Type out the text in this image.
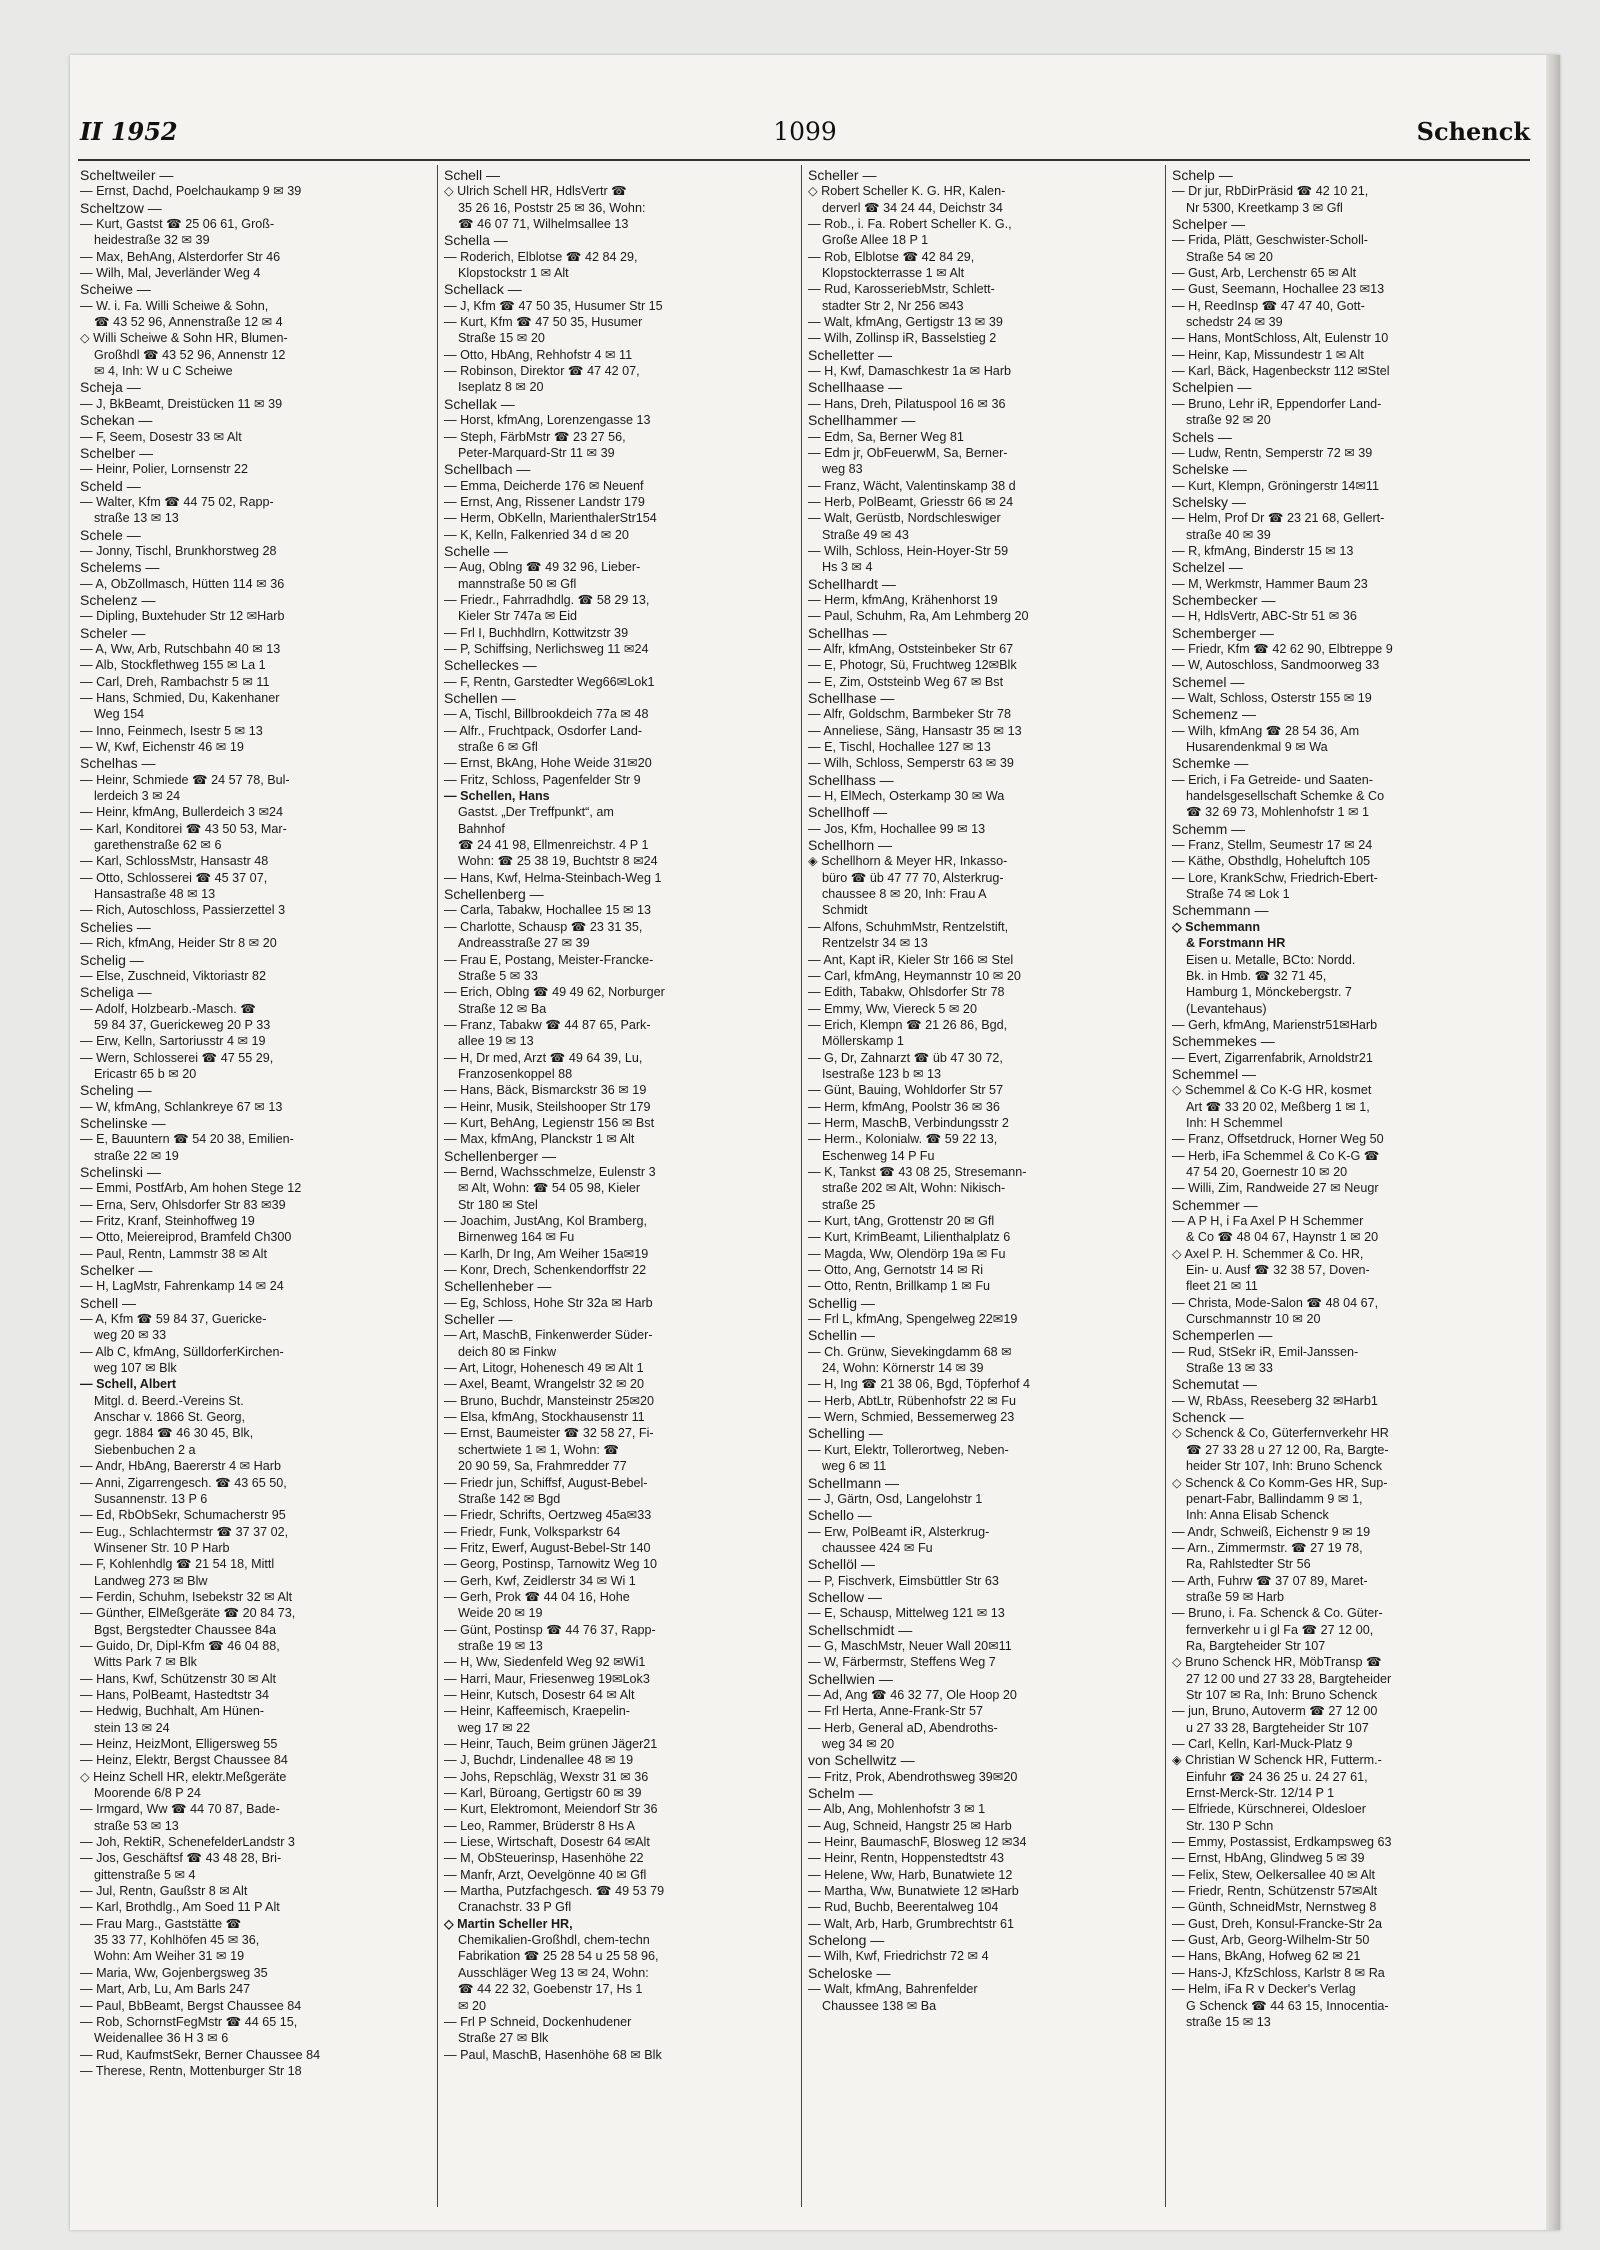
II 1952	1099	Schenck
Scheltweiler —
— Ernst, Dachd, Poelchaukamp 9 ✉ 39
Scheltzow —
— Kurt, Gastst ☎ 25 06 61, Groß-
heidestraße 32 ✉ 39
— Max, BehAng, Alsterdorfer Str 46
— Wilh, Mal, Jeverländer Weg 4
Scheiwe —
— W. i. Fa. Willi Scheiwe & Sohn,
☎ 43 52 96, Annenstraße 12 ✉ 4
◇ Willi Scheiwe & Sohn HR, Blumen-
Großhdl ☎ 43 52 96, Annenstr 12
✉ 4, Inh: W u C Scheiwe
Scheja —
— J, BkBeamt, Dreistücken 11 ✉ 39
Schekan —
— F, Seem, Dosestr 33 ✉ Alt
Schelber —
— Heinr, Polier, Lornsenstr 22
Scheld —
— Walter, Kfm ☎ 44 75 02, Rapp-
straße 13 ✉ 13
Schele —
— Jonny, Tischl, Brunkhorstweg 28
Schelems —
— A, ObZollmasch, Hütten 114 ✉ 36
Schelenz —
— Dipling, Buxtehuder Str 12 ✉Harb
Scheler —
— A, Ww, Arb, Rutschbahn 40 ✉ 13
— Alb, Stockflethweg 155 ✉ La 1
— Carl, Dreh, Rambachstr 5 ✉ 11
— Hans, Schmied, Du, Kakenhaner
Weg 154
— Inno, Feinmech, Isestr 5 ✉ 13
— W, Kwf, Eichenstr 46 ✉ 19
Schelhas —
— Heinr, Schmiede ☎ 24 57 78, Bul-
lerdeich 3 ✉ 24
— Heinr, kfmAng, Bullerdeich 3 ✉24
— Karl, Konditorei ☎ 43 50 53, Mar-
garethenstraße 62 ✉ 6
— Karl, SchlossMstr, Hansastr 48
— Otto, Schlosserei ☎ 45 37 07,
Hansastraße 48 ✉ 13
— Rich, Autoschloss, Passierzettel 3
Schelies —
— Rich, kfmAng, Heider Str 8 ✉ 20
Schelig —
— Else, Zuschneid, Viktoriastr 82
Scheliga —
— Adolf, Holzbearb.-Masch. ☎
59 84 37, Guerickeweg 20 P 33
— Erw, Kelln, Sartoriusstr 4 ✉ 19
— Wern, Schlosserei ☎ 47 55 29,
Ericastr 65 b ✉ 20
Scheling —
— W, kfmAng, Schlankreye 67 ✉ 13
Schelinske —
— E, Bauuntern ☎ 54 20 38, Emilien-
straße 22 ✉ 19
Schelinski —
— Emmi, PostfArb, Am hohen Stege 12
— Erna, Serv, Ohlsdorfer Str 83 ✉39
— Fritz, Kranf, Steinhoffweg 19
— Otto, Meiereiprod, Bramfeld Ch300
— Paul, Rentn, Lammstr 38 ✉ Alt
Schelker —
— H, LagMstr, Fahrenkamp 14 ✉ 24
Schell —
— A, Kfm ☎ 59 84 37, Guericke-
weg 20 ✉ 33
— Alb C, kfmAng, SülldorferKirchen-
weg 107 ✉ Blk
— Schell, Albert
Mitgl. d. Beerd.-Vereins St.
Anschar v. 1866 St. Georg,
gegr. 1884 ☎ 46 30 45, Blk,
Siebenbuchen 2 a
— Andr, HbAng, Baererstr 4 ✉ Harb
— Anni, Zigarrengesch. ☎ 43 65 50,
Susannenstr. 13 P 6
— Ed, RbObSekr, Schumacherstr 95
— Eug., Schlachtermstr ☎ 37 37 02,
Winsener Str. 10 P Harb
— F, Kohlenhdlg ☎ 21 54 18, Mittl
Landweg 273 ✉ Blw
— Ferdin, Schuhm, Isebekstr 32 ✉ Alt
— Günther, ElMeßgeräte ☎ 20 84 73,
Bgst, Bergstedter Chaussee 84a
— Guido, Dr, Dipl-Kfm ☎ 46 04 88,
Witts Park 7 ✉ Blk
— Hans, Kwf, Schützenstr 30 ✉ Alt
— Hans, PolBeamt, Hastedtstr 34
— Hedwig, Buchhalt, Am Hünen-
stein 13 ✉ 24
— Heinz, HeizMont, Elligersweg 55
— Heinz, Elektr, Bergst Chaussee 84
◇ Heinz Schell HR, elektr.Meßgeräte
Moorende 6/8 P 24
— Irmgard, Ww ☎ 44 70 87, Bade-
straße 53 ✉ 13
— Joh, RektiR, SchenefelderLandstr 3
— Jos, Geschäftsf ☎ 43 48 28, Bri-
gittenstraße 5 ✉ 4
— Jul, Rentn, Gaußstr 8 ✉ Alt
— Karl, Brothdlg., Am Soed 11 P Alt
— Frau Marg., Gaststätte ☎
35 33 77, Kohlhöfen 45 ✉ 36,
Wohn: Am Weiher 31 ✉ 19
— Maria, Ww, Gojenbergsweg 35
— Mart, Arb, Lu, Am Barls 247
— Paul, BbBeamt, Bergst Chaussee 84
— Rob, SchornstFegMstr ☎ 44 65 15,
Weidenallee 36 H 3 ✉ 6
— Rud, KaufmstSekr, Berner Chaussee 84
— Therese, Rentn, Mottenburger Str 18
Schell —
◇ Ulrich Schell HR, HdlsVertr ☎
35 26 16, Poststr 25 ✉ 36, Wohn:
☎ 46 07 71, Wilhelmsallee 13
Schella —
— Roderich, Elblotse ☎ 42 84 29,
Klopstockstr 1 ✉ Alt
Schellack —
— J, Kfm ☎ 47 50 35, Husumer Str 15
— Kurt, Kfm ☎ 47 50 35, Husumer
Straße 15 ✉ 20
— Otto, HbAng, Rehhofstr 4 ✉ 11
— Robinson, Direktor ☎ 47 42 07,
Iseplatz 8 ✉ 20
Schellak —
— Horst, kfmAng, Lorenzengasse 13
— Steph, FärbMstr ☎ 23 27 56,
Peter-Marquard-Str 11 ✉ 39
Schellbach —
— Emma, Deicherde 176 ✉ Neuenf
— Ernst, Ang, Rissener Landstr 179
— Herm, ObKelln, MarienthalerStr154
— K, Kelln, Falkenried 34 d ✉ 20
Schelle —
— Aug, Oblng ☎ 49 32 96, Lieber-
mannstraße 50 ✉ Gfl
— Friedr., Fahrradhdlg. ☎ 58 29 13,
Kieler Str 747a ✉ Eid
— Frl I, Buchhdlrn, Kottwitzstr 39
— P, Schiffsing, Nerlichsweg 11 ✉24
Schelleckes —
— F, Rentn, Garstedter Weg66✉Lok1
Schellen —
— A, Tischl, Billbrookdeich 77a ✉ 48
— Alfr., Fruchtpack, Osdorfer Land-
straße 6 ✉ Gfl
— Ernst, BkAng, Hohe Weide 31✉20
— Fritz, Schloss, Pagenfelder Str 9
— Schellen, Hans
Gastst. „Der Treffpunkt“, am
Bahnhof
☎ 24 41 98, Ellmenreichstr. 4 P 1
Wohn: ☎ 25 38 19, Buchtstr 8 ✉24
— Hans, Kwf, Helma-Steinbach-Weg 1
Schellenberg —
— Carla, Tabakw, Hochallee 15 ✉ 13
— Charlotte, Schausp ☎ 23 31 35,
Andreasstraße 27 ✉ 39
— Frau E, Postang, Meister-Francke-
Straße 5 ✉ 33
— Erich, Oblng ☎ 49 49 62, Norburger
Straße 12 ✉ Ba
— Franz, Tabakw ☎ 44 87 65, Park-
allee 19 ✉ 13
— H, Dr med, Arzt ☎ 49 64 39, Lu,
Franzosenkoppel 88
— Hans, Bäck, Bismarckstr 36 ✉ 19
— Heinr, Musik, Steilshooper Str 179
— Kurt, BehAng, Legienstr 156 ✉ Bst
— Max, kfmAng, Planckstr 1 ✉ Alt
Schellenberger —
— Bernd, Wachsschmelze, Eulenstr 3
✉ Alt, Wohn: ☎ 54 05 98, Kieler
Str 180 ✉ Stel
— Joachim, JustAng, Kol Bramberg,
Birnenweg 164 ✉ Fu
— Karlh, Dr Ing, Am Weiher 15a✉19
— Konr, Drech, Schenkendorffstr 22
Schellenheber —
— Eg, Schloss, Hohe Str 32a ✉ Harb
Scheller —
— Art, MaschB, Finkenwerder Süder-
deich 80 ✉ Finkw
— Art, Litogr, Hohenesch 49 ✉ Alt 1
— Axel, Beamt, Wrangelstr 32 ✉ 20
— Bruno, Buchdr, Mansteinstr 25✉20
— Elsa, kfmAng, Stockhausenstr 11
— Ernst, Baumeister ☎ 32 58 27, Fi-
schertwiete 1 ✉ 1, Wohn: ☎
20 90 59, Sa, Frahmredder 77
— Friedr jun, Schiffsf, August-Bebel-
Straße 142 ✉ Bgd
— Friedr, Schrifts, Oertzweg 45a✉33
— Friedr, Funk, Volksparkstr 64
— Fritz, Ewerf, August-Bebel-Str 140
— Georg, Postinsp, Tarnowitz Weg 10
— Gerh, Kwf, Zeidlerstr 34 ✉ Wi 1
— Gerh, Prok ☎ 44 04 16, Hohe
Weide 20 ✉ 19
— Günt, Postinsp ☎ 44 76 37, Rapp-
straße 19 ✉ 13
— H, Ww, Siedenfeld Weg 92 ✉Wi1
— Harri, Maur, Friesenweg 19✉Lok3
— Heinr, Kutsch, Dosestr 64 ✉ Alt
— Heinr, Kaffeemisch, Kraepelin-
weg 17 ✉ 22
— Heinr, Tauch, Beim grünen Jäger21
— J, Buchdr, Lindenallee 48 ✉ 19
— Johs, Repschläg, Wexstr 31 ✉ 36
— Karl, Büroang, Gertigstr 60 ✉ 39
— Kurt, Elektromont, Meiendorf Str 36
— Leo, Rammer, Brüderstr 8 Hs A
— Liese, Wirtschaft, Dosestr 64 ✉Alt
— M, ObSteuerinsp, Hasenhöhe 22
— Manfr, Arzt, Oevelgönne 40 ✉ Gfl
— Martha, Putzfachgesch. ☎ 49 53 79
Cranachstr. 33 P Gfl
◇ Martin Scheller HR,
Chemikalien-Großhdl, chem-techn
Fabrikation ☎ 25 28 54 u 25 58 96,
Ausschläger Weg 13 ✉ 24, Wohn:
☎ 44 22 32, Goebenstr 17, Hs 1
✉ 20
— Frl P Schneid, Dockenhudener
Straße 27 ✉ Blk
— Paul, MaschB, Hasenhöhe 68 ✉ Blk
Scheller —
◇ Robert Scheller K. G. HR, Kalen-
derverl ☎ 34 24 44, Deichstr 34
— Rob., i. Fa. Robert Scheller K. G.,
Große Allee 18 P 1
— Rob, Elblotse ☎ 42 84 29,
Klopstockterrasse 1 ✉ Alt
— Rud, KarosseriebMstr, Schlett-
stadter Str 2, Nr 256 ✉43
— Walt, kfmAng, Gertigstr 13 ✉ 39
— Wilh, Zollinsp iR, Basselstieg 2
Schelletter —
— H, Kwf, Damaschkestr 1a ✉ Harb
Schellhaase —
— Hans, Dreh, Pilatuspool 16 ✉ 36
Schellhammer —
— Edm, Sa, Berner Weg 81
— Edm jr, ObFeuerwM, Sa, Berner-
weg 83
— Franz, Wächt, Valentinskamp 38 d
— Herb, PolBeamt, Griesstr 66 ✉ 24
— Walt, Gerüstb, Nordschleswiger
Straße 49 ✉ 43
— Wilh, Schloss, Hein-Hoyer-Str 59
Hs 3 ✉ 4
Schellhardt —
— Herm, kfmAng, Krähenhorst 19
— Paul, Schuhm, Ra, Am Lehmberg 20
Schellhas —
— Alfr, kfmAng, Oststeinbeker Str 67
— E, Photogr, Sü, Fruchtweg 12✉Blk
— E, Zim, Oststeinb Weg 67 ✉ Bst
Schellhase —
— Alfr, Goldschm, Barmbeker Str 78
— Anneliese, Säng, Hansastr 35 ✉ 13
— E, Tischl, Hochallee 127 ✉ 13
— Wilh, Schloss, Semperstr 63 ✉ 39
Schellhass —
— H, ElMech, Osterkamp 30 ✉ Wa
Schellhoff —
— Jos, Kfm, Hochallee 99 ✉ 13
Schellhorn —
◈ Schellhorn & Meyer HR, Inkasso-
büro ☎ üb 47 77 70, Alsterkrug-
chaussee 8 ✉ 20, Inh: Frau A
Schmidt
— Alfons, SchuhmMstr, Rentzelstift,
Rentzelstr 34 ✉ 13
— Ant, Kapt iR, Kieler Str 166 ✉ Stel
— Carl, kfmAng, Heymannstr 10 ✉ 20
— Edith, Tabakw, Ohlsdorfer Str 78
— Emmy, Ww, Viereck 5 ✉ 20
— Erich, Klempn ☎ 21 26 86, Bgd,
Möllerskamp 1
— G, Dr, Zahnarzt ☎ üb 47 30 72,
Isestraße 123 b ✉ 13
— Günt, Bauing, Wohldorfer Str 57
— Herm, kfmAng, Poolstr 36 ✉ 36
— Herm, MaschB, Verbindungsstr 2
— Herm., Kolonialw. ☎ 59 22 13,
Eschenweg 14 P Fu
— K, Tankst ☎ 43 08 25, Stresemann-
straße 202 ✉ Alt, Wohn: Nikisch-
straße 25
— Kurt, tAng, Grottenstr 20 ✉ Gfl
— Kurt, KrimBeamt, Lilienthalplatz 6
— Magda, Ww, Olendörp 19a ✉ Fu
— Otto, Ang, Gernotstr 14 ✉ Ri
— Otto, Rentn, Brillkamp 1 ✉ Fu
Schellig —
— Frl L, kfmAng, Spengelweg 22✉19
Schellin —
— Ch. Grünw, Sievekingdamm 68 ✉
24, Wohn: Körnerstr 14 ✉ 39
— H, Ing ☎ 21 38 06, Bgd, Töpferhof 4
— Herb, AbtLtr, Rübenhofstr 22 ✉ Fu
— Wern, Schmied, Bessemerweg 23
Schelling —
— Kurt, Elektr, Tollerortweg, Neben-
weg 6 ✉ 11
Schellmann —
— J, Gärtn, Osd, Langelohstr 1
Schello —
— Erw, PolBeamt iR, Alsterkrug-
chaussee 424 ✉ Fu
Schellöl —
— P, Fischverk, Eimsbüttler Str 63
Schellow —
— E, Schausp, Mittelweg 121 ✉ 13
Schellschmidt —
— G, MaschMstr, Neuer Wall 20✉11
— W, Färbermstr, Steffens Weg 7
Schellwien —
— Ad, Ang ☎ 46 32 77, Ole Hoop 20
— Frl Herta, Anne-Frank-Str 57
— Herb, General aD, Abendroths-
weg 34 ✉ 20
von Schellwitz —
— Fritz, Prok, Abendrothsweg 39✉20
Schelm —
— Alb, Ang, Mohlenhofstr 3 ✉ 1
— Aug, Schneid, Hangstr 25 ✉ Harb
— Heinr, BaumaschF, Blosweg 12 ✉34
— Heinr, Rentn, Hoppenstedtstr 43
— Helene, Ww, Harb, Bunatwiete 12
— Martha, Ww, Bunatwiete 12 ✉Harb
— Rud, Buchb, Beerentalweg 104
— Walt, Arb, Harb, Grumbrechtstr 61
Schelong —
— Wilh, Kwf, Friedrichstr 72 ✉ 4
Scheloske —
— Walt, kfmAng, Bahrenfelder
Chaussee 138 ✉ Ba
Schelp —
— Dr jur, RbDirPräsid ☎ 42 10 21,
Nr 5300, Kreetkamp 3 ✉ Gfl
Schelper —
— Frida, Plätt, Geschwister-Scholl-
Straße 54 ✉ 20
— Gust, Arb, Lerchenstr 65 ✉ Alt
— Gust, Seemann, Hochallee 23 ✉13
— H, ReedInsp ☎ 47 47 40, Gott-
schedstr 24 ✉ 39
— Hans, MontSchloss, Alt, Eulenstr 10
— Heinr, Kap, Missundestr 1 ✉ Alt
— Karl, Bäck, Hagenbeckstr 112 ✉Stel
Schelpien —
— Bruno, Lehr iR, Eppendorfer Land-
straße 92 ✉ 20
Schels —
— Ludw, Rentn, Semperstr 72 ✉ 39
Schelske —
— Kurt, Klempn, Gröningerstr 14✉11
Schelsky —
— Helm, Prof Dr ☎ 23 21 68, Gellert-
straße 40 ✉ 39
— R, kfmAng, Binderstr 15 ✉ 13
Schelzel —
— M, Werkmstr, Hammer Baum 23
Schembecker —
— H, HdlsVertr, ABC-Str 51 ✉ 36
Schemberger —
— Friedr, Kfm ☎ 42 62 90, Elbtreppe 9
— W, Autoschloss, Sandmoorweg 33
Schemel —
— Walt, Schloss, Osterstr 155 ✉ 19
Schemenz —
— Wilh, kfmAng ☎ 28 54 36, Am
Husarendenkmal 9 ✉ Wa
Schemke —
— Erich, i Fa Getreide- und Saaten-
handelsgesellschaft Schemke & Co
☎ 32 69 73, Mohlenhofstr 1 ✉ 1
Schemm —
— Franz, Stellm, Seumestr 17 ✉ 24
— Käthe, Obsthdlg, Hoheluftch 105
— Lore, KrankSchw, Friedrich-Ebert-
Straße 74 ✉ Lok 1
Schemmann —
◇ Schemmann
& Forstmann HR
Eisen u. Metalle, BCto: Nordd.
Bk. in Hmb. ☎ 32 71 45,
Hamburg 1, Mönckebergstr. 7
(Levantehaus)
— Gerh, kfmAng, Marienstr51✉Harb
Schemmekes —
— Evert, Zigarrenfabrik, Arnoldstr21
Schemmel —
◇ Schemmel & Co K-G HR, kosmet
Art ☎ 33 20 02, Meßberg 1 ✉ 1,
Inh: H Schemmel
— Franz, Offsetdruck, Horner Weg 50
— Herb, iFa Schemmel & Co K-G ☎
47 54 20, Goernestr 10 ✉ 20
— Willi, Zim, Randweide 27 ✉ Neugr
Schemmer —
— A P H, i Fa Axel P H Schemmer
& Co ☎ 48 04 67, Haynstr 1 ✉ 20
◇ Axel P. H. Schemmer & Co. HR,
Ein- u. Ausf ☎ 32 38 57, Doven-
fleet 21 ✉ 11
— Christa, Mode-Salon ☎ 48 04 67,
Curschmannstr 10 ✉ 20
Schemperlen —
— Rud, StSekr iR, Emil-Janssen-
Straße 13 ✉ 33
Schemutat —
— W, RbAss, Reeseberg 32 ✉Harb1
Schenck —
◇ Schenck & Co, Güterfernverkehr HR
☎ 27 33 28 u 27 12 00, Ra, Bargte-
heider Str 107, Inh: Bruno Schenck
◇ Schenck & Co Komm-Ges HR, Sup-
penart-Fabr, Ballindamm 9 ✉ 1,
Inh: Anna Elisab Schenck
— Andr, Schweiß, Eichenstr 9 ✉ 19
— Arn., Zimmermstr. ☎ 27 19 78,
Ra, Rahlstedter Str 56
— Arth, Fuhrw ☎ 37 07 89, Maret-
straße 59 ✉ Harb
— Bruno, i. Fa. Schenck & Co. Güter-
fernverkehr u i gl Fa ☎ 27 12 00,
Ra, Bargteheider Str 107
◇ Bruno Schenck HR, MöbTransp ☎
27 12 00 und 27 33 28, Bargteheider
Str 107 ✉ Ra, Inh: Bruno Schenck
— jun, Bruno, Autoverm ☎ 27 12 00
u 27 33 28, Bargteheider Str 107
— Carl, Kelln, Karl-Muck-Platz 9
◈ Christian W Schenck HR, Futterm.-
Einfuhr ☎ 24 36 25 u. 24 27 61,
Ernst-Merck-Str. 12/14 P 1
— Elfriede, Kürschnerei, Oldesloer
Str. 130 P Schn
— Emmy, Postassist, Erdkampsweg 63
— Ernst, HbAng, Glindweg 5 ✉ 39
— Felix, Stew, Oelkersallee 40 ✉ Alt
— Friedr, Rentn, Schützenstr 57✉Alt
— Günth, SchneidMstr, Nernstweg 8
— Gust, Dreh, Konsul-Francke-Str 2a
— Gust, Arb, Georg-Wilhelm-Str 50
— Hans, BkAng, Hofweg 62 ✉ 21
— Hans-J, KfzSchloss, Karlstr 8 ✉ Ra
— Helm, iFa R v Decker's Verlag
G Schenck ☎ 44 63 15, Innocentia-
straße 15 ✉ 13
